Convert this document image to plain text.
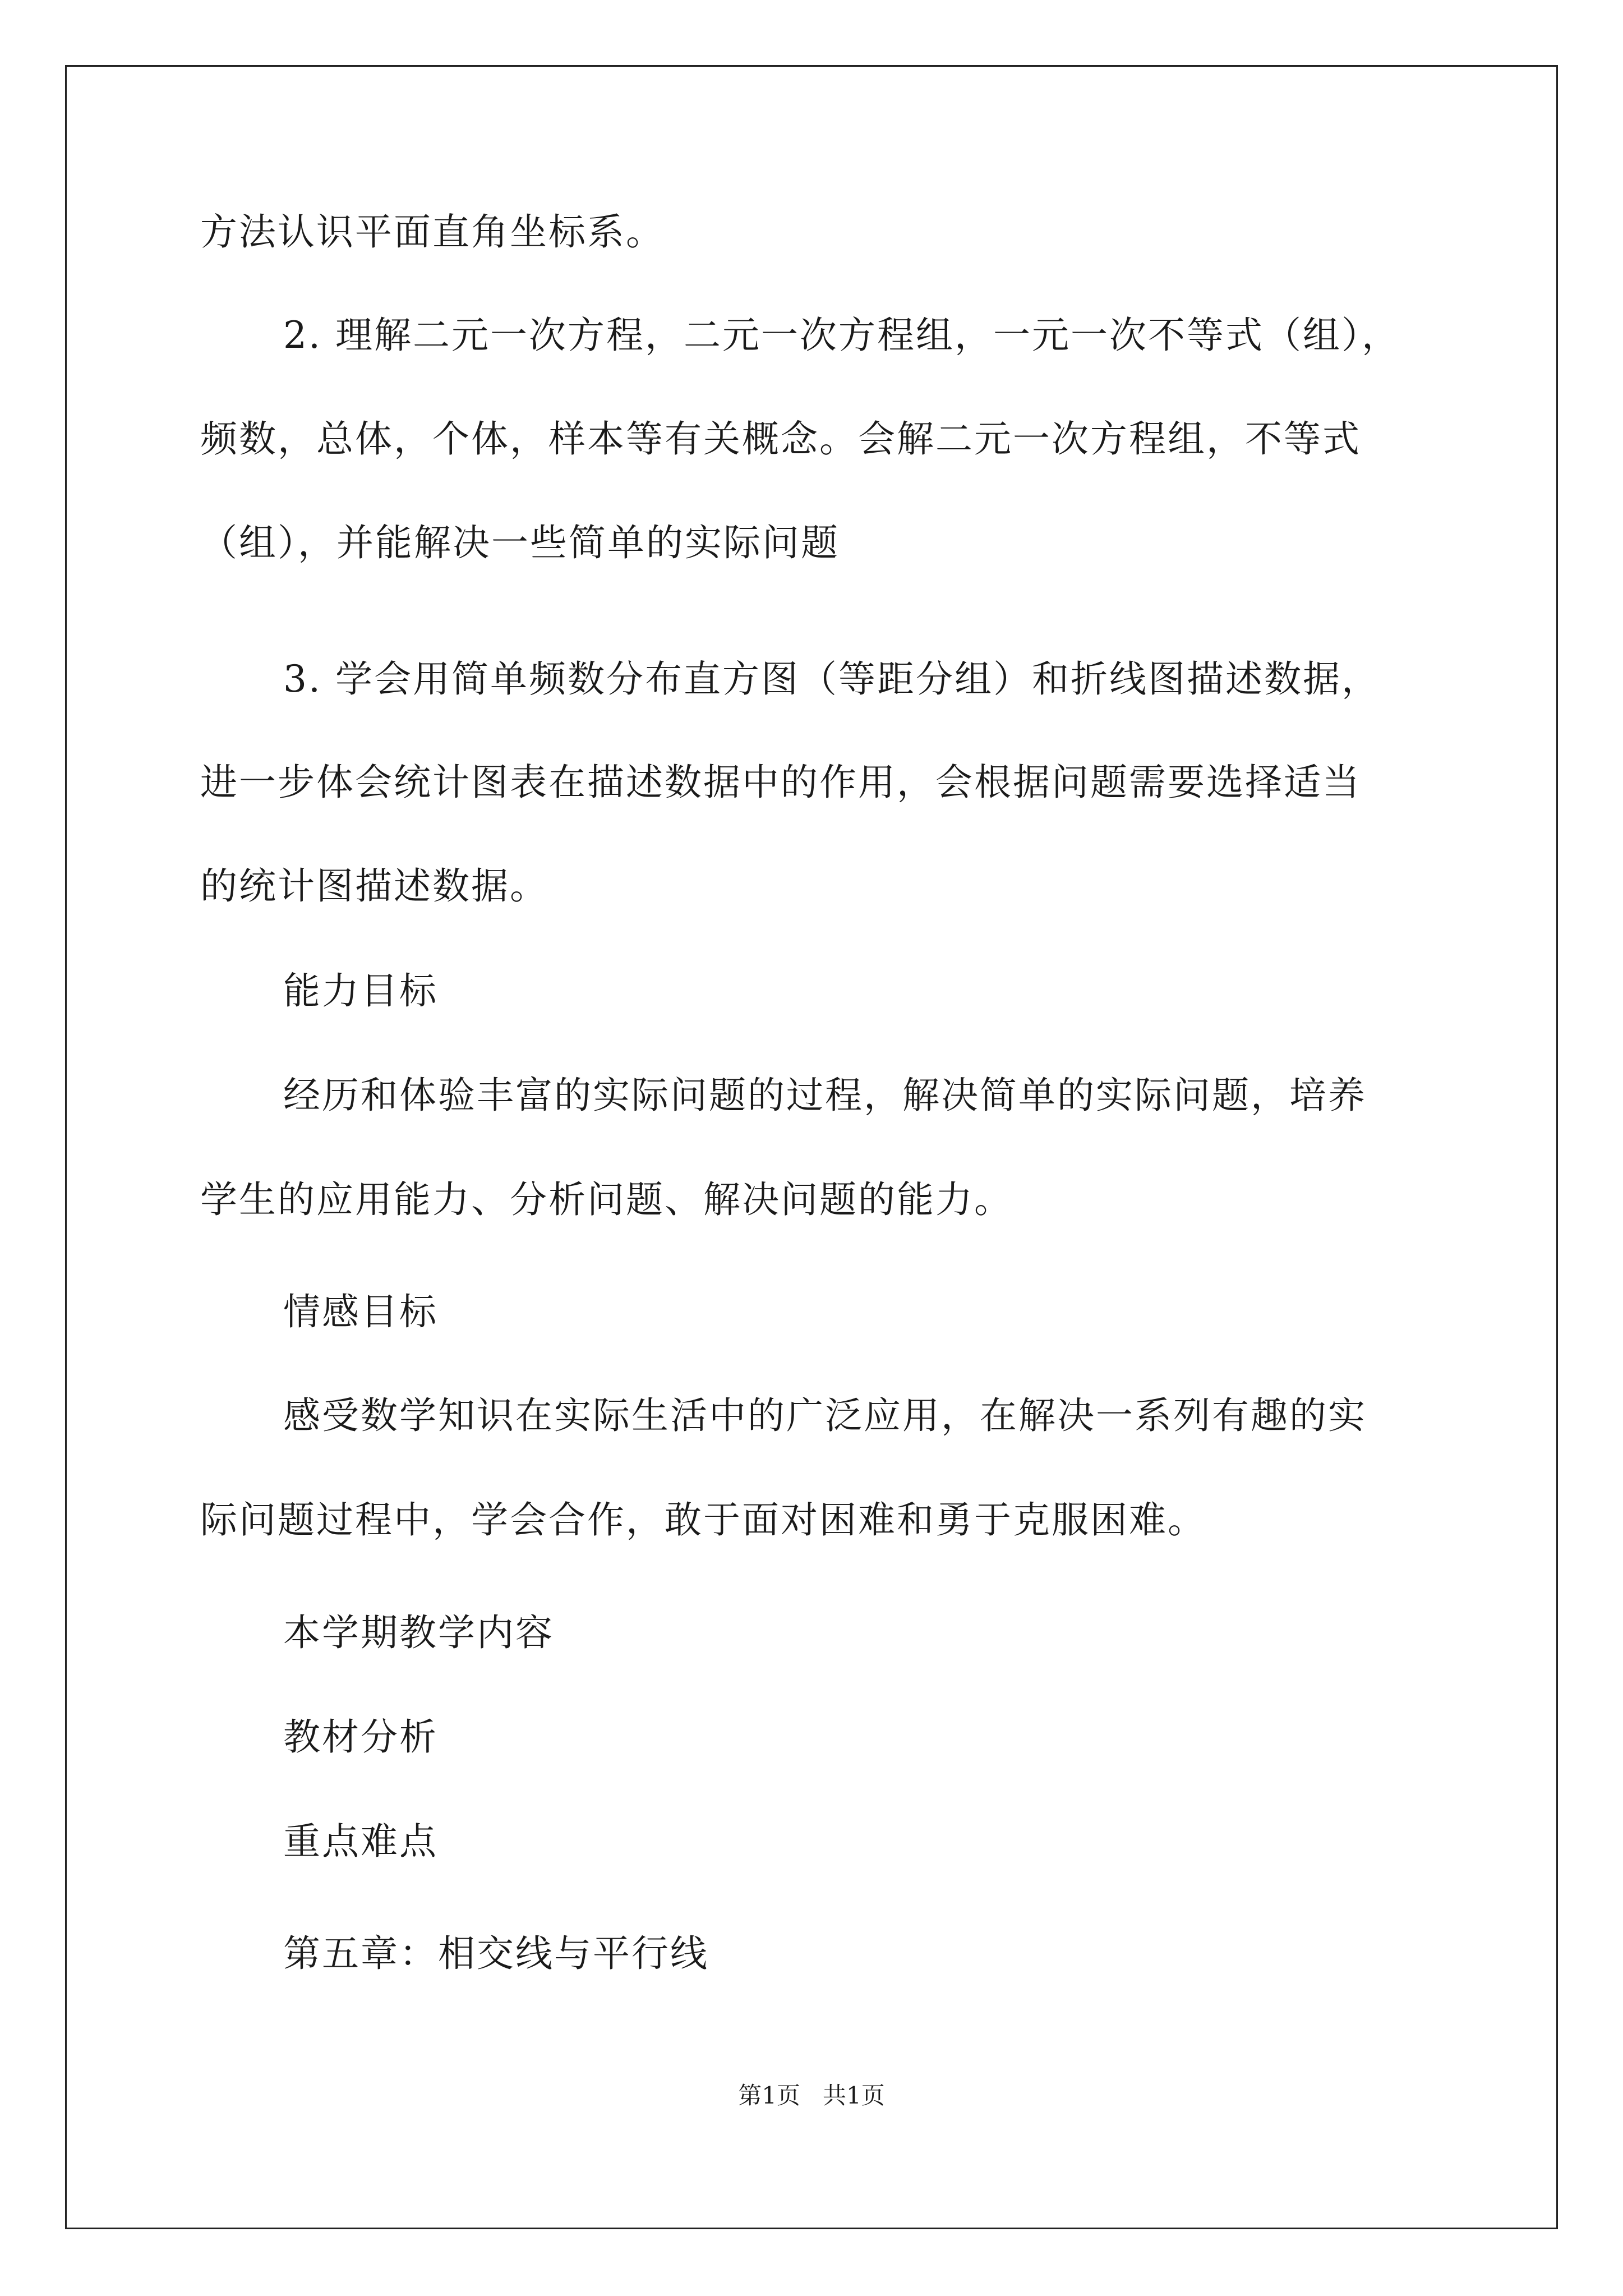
方法认识平面直角坐标系。
2. 理解二元一次方程，二元一次方程组，一元一次不等式（组），
频数，总体，个体，样本等有关概念。会解二元一次方程组，不等式
（组），并能解决一些简单的实际问题
3. 学会用简单频数分布直方图（等距分组）和折线图描述数据，
进一步体会统计图表在描述数据中的作用，会根据问题需要选择适当
的统计图描述数据。
能力目标
经历和体验丰富的实际问题的过程，解决简单的实际问题，培养
学生的应用能力、分析问题、解决问题的能力。
情感目标
感受数学知识在实际生活中的广泛应用，在解决一系列有趣的实
际问题过程中，学会合作，敢于面对困难和勇于克服困难。
本学期教学内容
教材分析
重点难点
第五章：相交线与平行线
第1页 共1页
